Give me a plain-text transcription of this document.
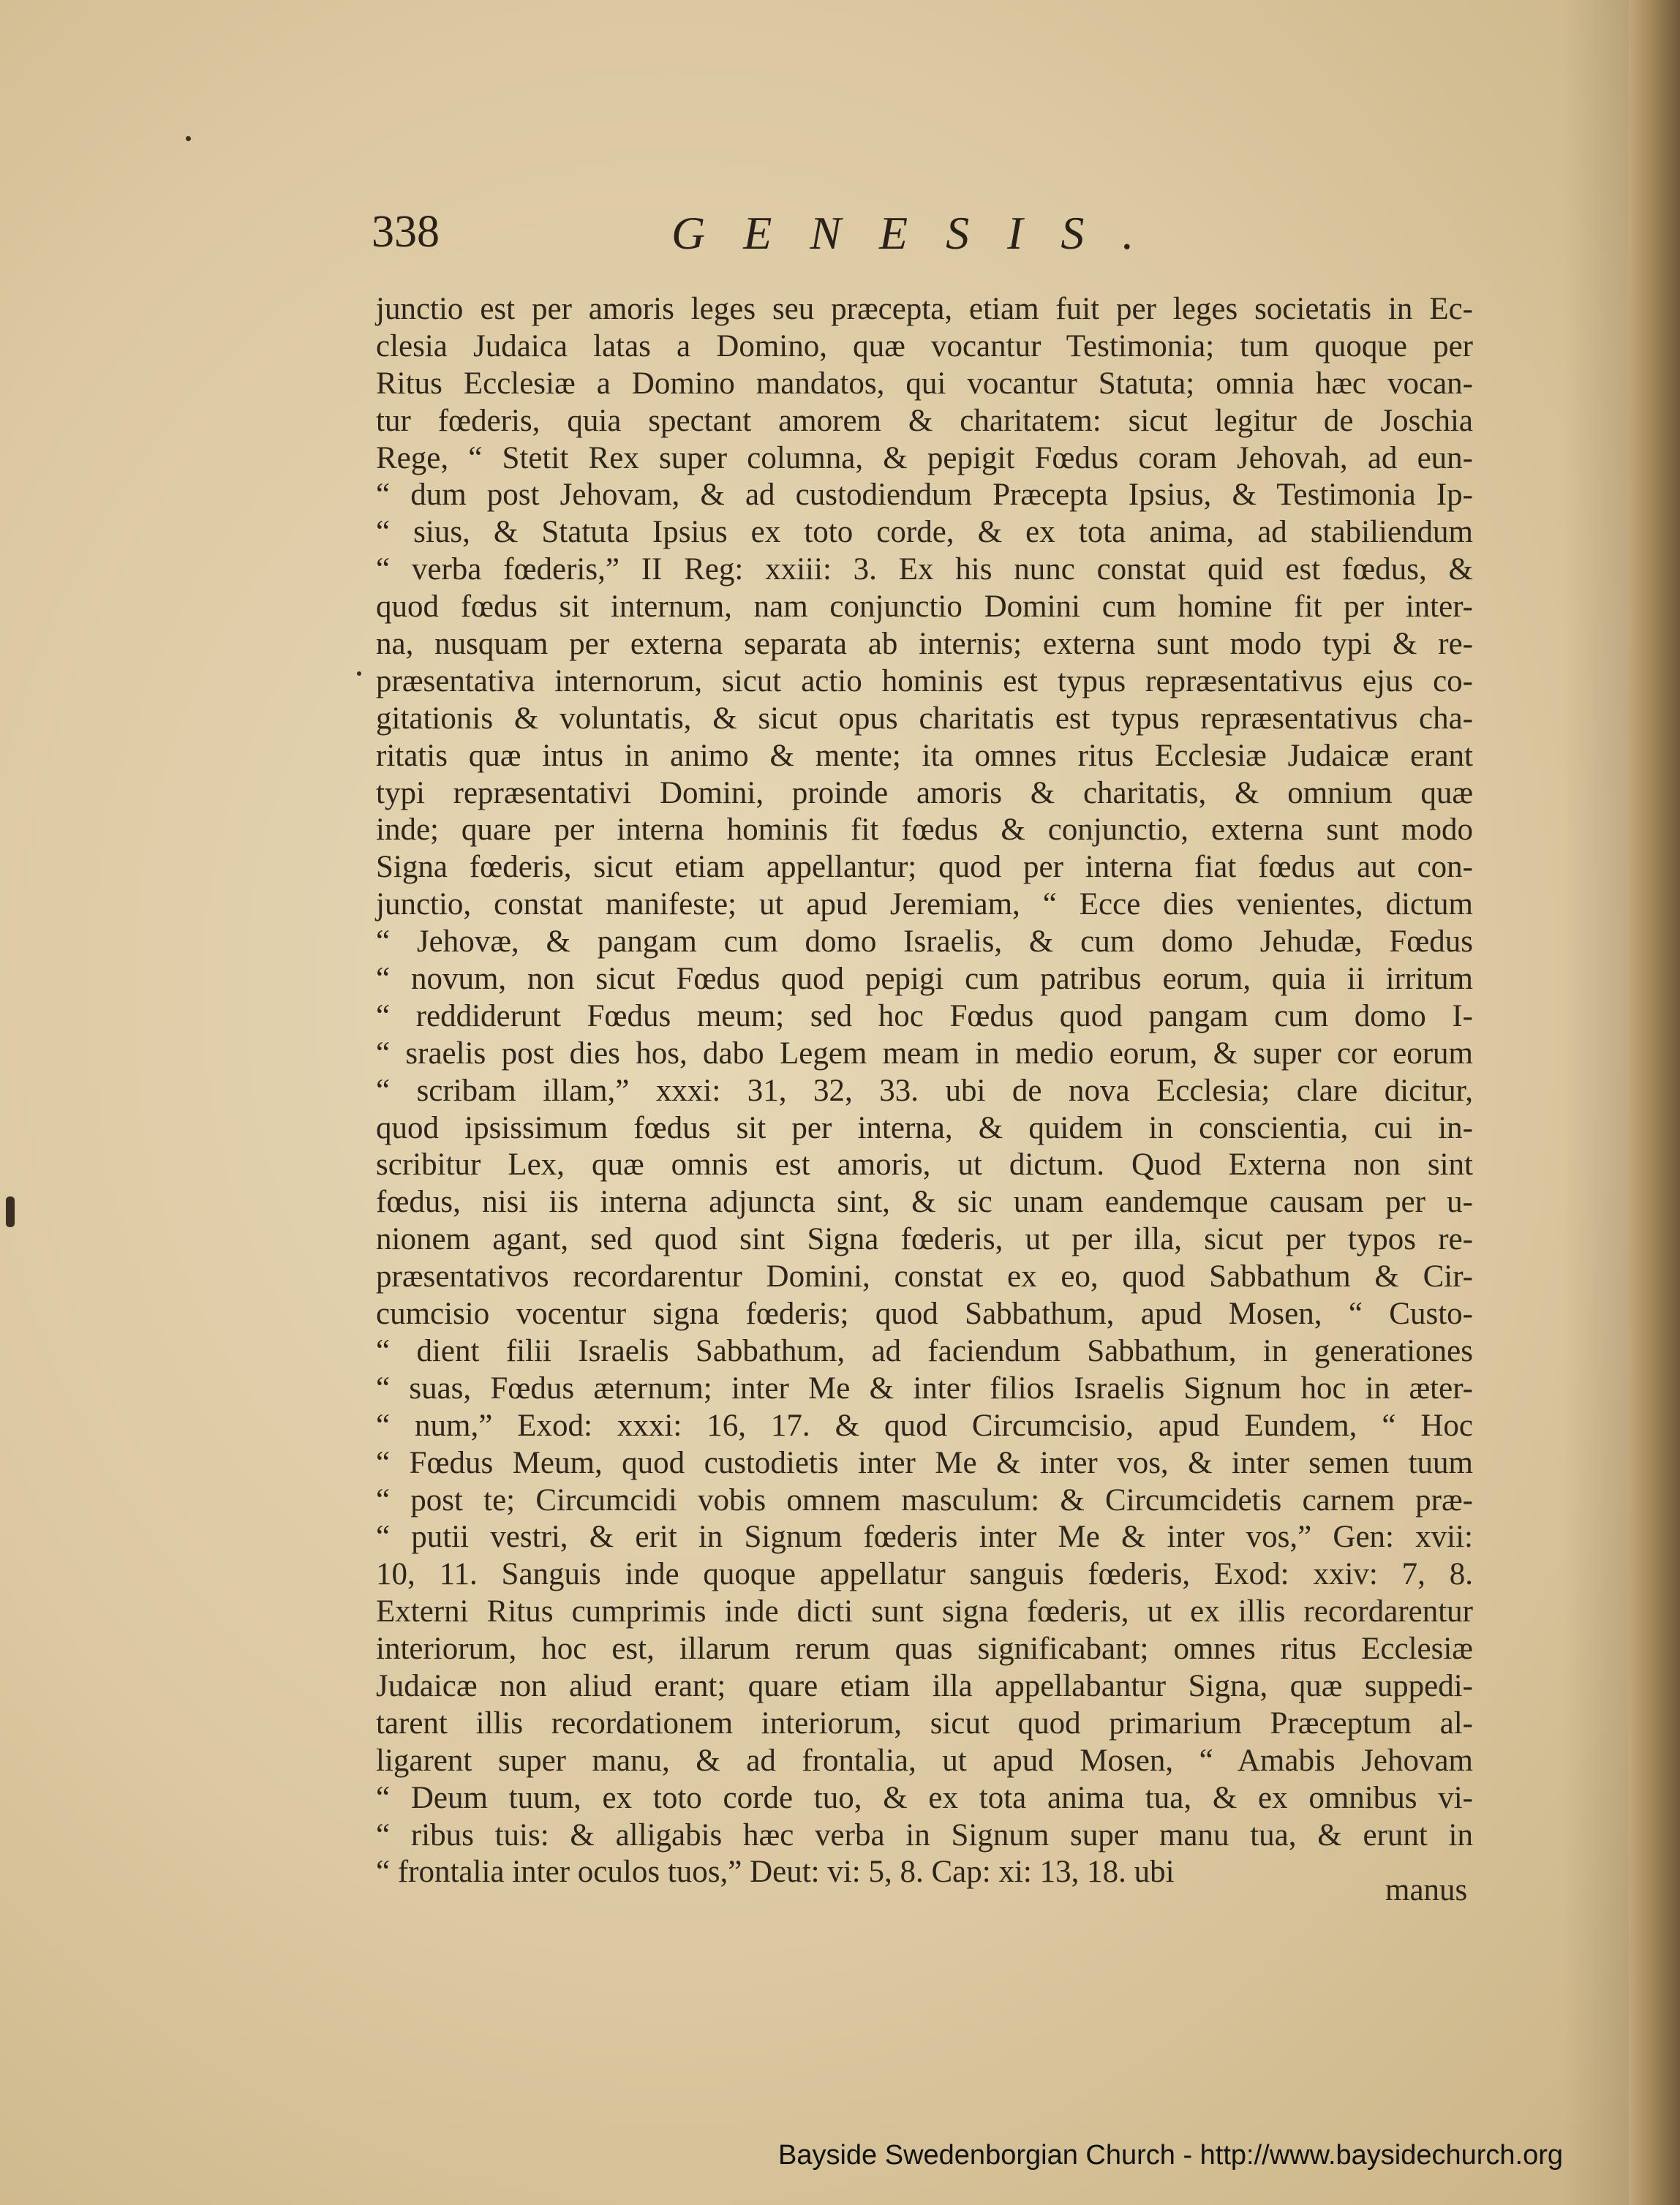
338	GENESIS.
junctio est per amoris leges seu præcepta, etiam fuit per leges societatis in Ec-
clesia Judaica latas a Domino, quæ vocantur Testimonia; tum quoque per
Ritus Ecclesiæ a Domino mandatos, qui vocantur Statuta; omnia hæc vocan-
tur fœderis, quia spectant amorem & charitatem: sicut legitur de Joschia
Rege, “ Stetit Rex super columna, & pepigit Fœdus coram Jehovah, ad eun-
“ dum post Jehovam, & ad custodiendum Præcepta Ipsius, & Testimonia Ip-
“ sius, & Statuta Ipsius ex toto corde, & ex tota anima, ad stabiliendum
“ verba fœderis,” II Reg: xxiii: 3. Ex his nunc constat quid est fœdus, &
quod fœdus sit internum, nam conjunctio Domini cum homine fit per inter-
na, nusquam per externa separata ab internis; externa sunt modo typi & re-
præsentativa internorum, sicut actio hominis est typus repræsentativus ejus co-
gitationis & voluntatis, & sicut opus charitatis est typus repræsentativus cha-
ritatis quæ intus in animo & mente; ita omnes ritus Ecclesiæ Judaicæ erant
typi repræsentativi Domini, proinde amoris & charitatis, & omnium quæ
inde; quare per interna hominis fit fœdus & conjunctio, externa sunt modo
Signa fœderis, sicut etiam appellantur; quod per interna fiat fœdus aut con-
junctio, constat manifeste; ut apud Jeremiam, “ Ecce dies venientes, dictum
“ Jehovæ, & pangam cum domo Israelis, & cum domo Jehudæ, Fœdus
“ novum, non sicut Fœdus quod pepigi cum patribus eorum, quia ii irritum
“ reddiderunt Fœdus meum; sed hoc Fœdus quod pangam cum domo I-
“ sraelis post dies hos, dabo Legem meam in medio eorum, & super cor eorum
“ scribam illam,” xxxi: 31, 32, 33. ubi de nova Ecclesia; clare dicitur,
quod ipsissimum fœdus sit per interna, & quidem in conscientia, cui in-
scribitur Lex, quæ omnis est amoris, ut dictum. Quod Externa non sint
fœdus, nisi iis interna adjuncta sint, & sic unam eandemque causam per u-
nionem agant, sed quod sint Signa fœderis, ut per illa, sicut per typos re-
præsentativos recordarentur Domini, constat ex eo, quod Sabbathum & Cir-
cumcisio vocentur signa fœderis; quod Sabbathum, apud Mosen, “ Custo-
“ dient filii Israelis Sabbathum, ad faciendum Sabbathum, in generationes
“ suas, Fœdus æternum; inter Me & inter filios Israelis Signum hoc in æter-
“ num,” Exod: xxxi: 16, 17. & quod Circumcisio, apud Eundem, “ Hoc
“ Fœdus Meum, quod custodietis inter Me & inter vos, & inter semen tuum
“ post te; Circumcidi vobis omnem masculum: & Circumcidetis carnem præ-
“ putii vestri, & erit in Signum fœderis inter Me & inter vos,” Gen: xvii:
10, 11. Sanguis inde quoque appellatur sanguis fœderis, Exod: xxiv: 7, 8.
Externi Ritus cumprimis inde dicti sunt signa fœderis, ut ex illis recordarentur
interiorum, hoc est, illarum rerum quas significabant; omnes ritus Ecclesiæ
Judaicæ non aliud erant; quare etiam illa appellabantur Signa, quæ suppedi-
tarent illis recordationem interiorum, sicut quod primarium Præceptum al-
ligarent super manu, & ad frontalia, ut apud Mosen, “ Amabis Jehovam
“ Deum tuum, ex toto corde tuo, & ex tota anima tua, & ex omnibus vi-
“ ribus tuis: & alligabis hæc verba in Signum super manu tua, & erunt in
“ frontalia inter oculos tuos,” Deut: vi: 5, 8. Cap: xi: 13, 18. ubi
manus
Bayside Swedenborgian Church - http://www.baysidechurch.org
